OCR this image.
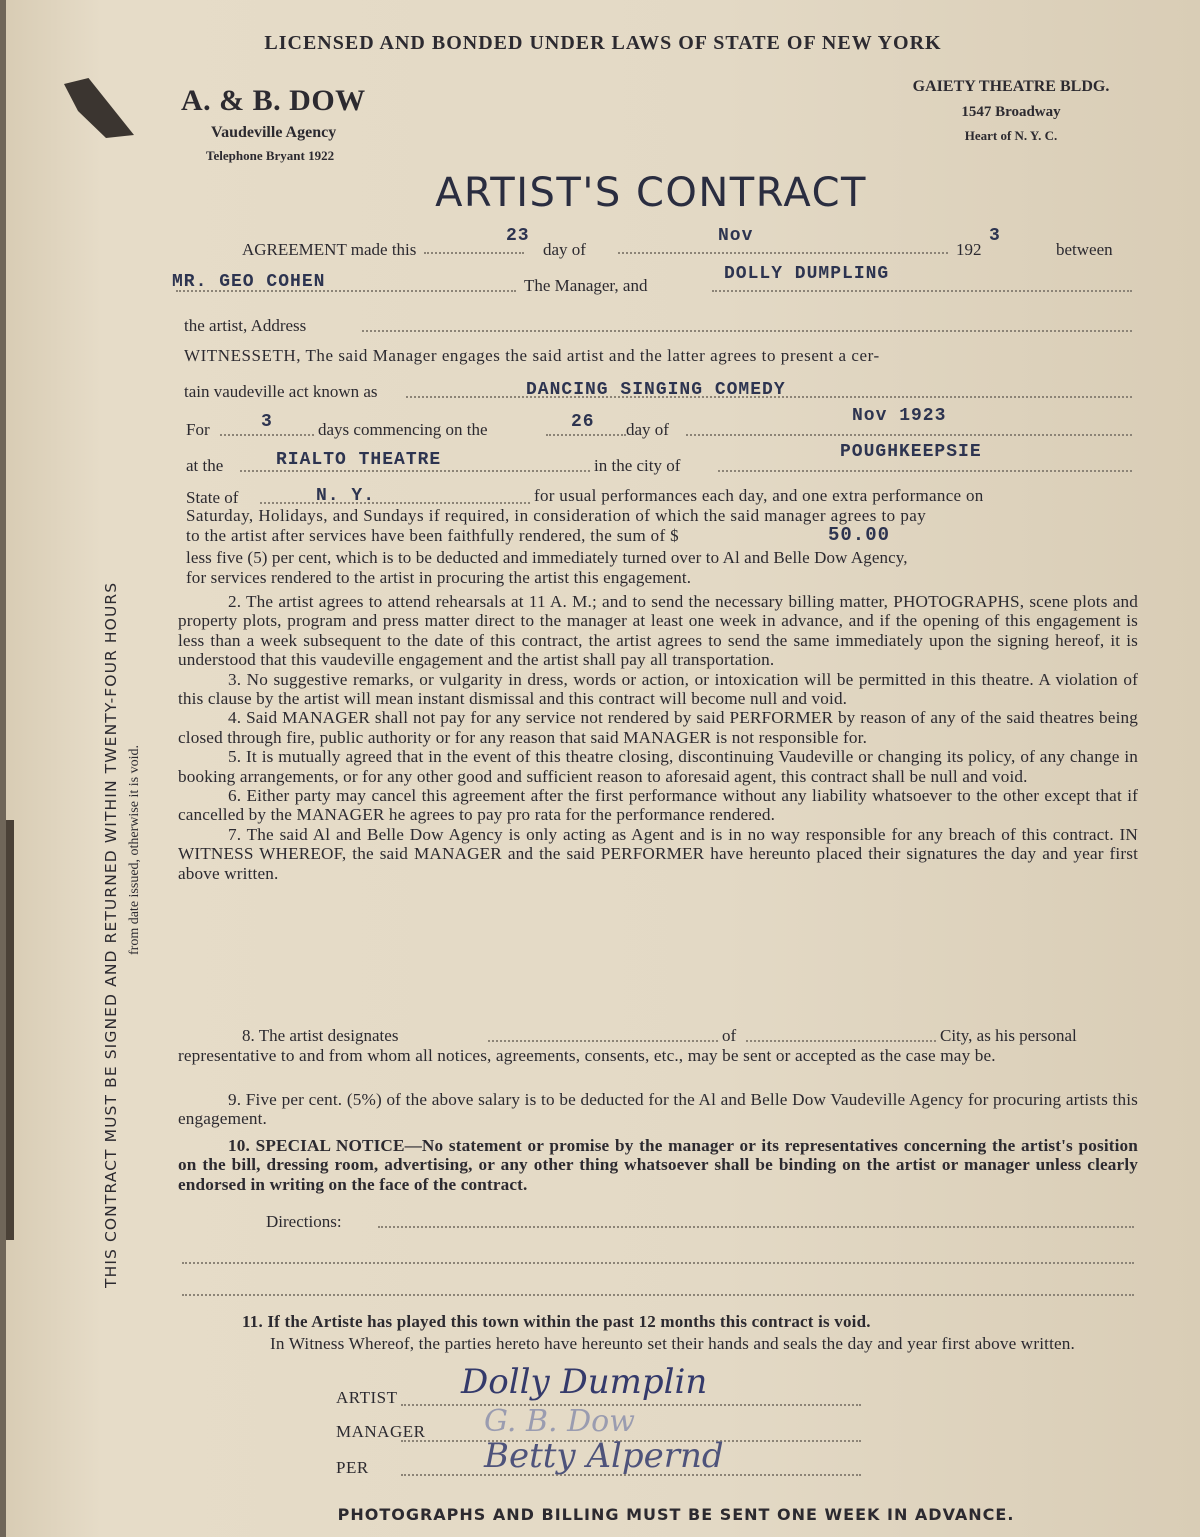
LICENSED AND BONDED UNDER LAWS OF STATE OF NEW YORK
A. & B. DOW
Vaudeville Agency
Telephone Bryant 1922
GAIETY THEATRE BLDG.
1547 Broadway
Heart of N. Y. C.
ARTIST'S CONTRACT
AGREEMENT made this
23
day of
Nov
192
3
between
MR. GEO COHEN	The Manager, and
DOLLY DUMPLING
the artist, Address
WITNESSETH, The said Manager engages the said artist and the latter agrees to present a cer-
tain vaudeville act known as	DANCING SINGING COMEDY
For	3	days commencing on the	26 day of
Nov 1923
at the	RIALTO THEATRE	in the city of
POUGHKEEPSIE
State of	N. Y.	for usual performances each day, and one extra performance on
Saturday, Holidays, and Sundays if required, in consideration of which the said manager agrees to pay
to the artist after services have been faithfully rendered, the sum of $	50.00
less five (5) per cent, which is to be deducted and immediately turned over to Al and Belle Dow Agency,
for services rendered to the artist in procuring the artist this engagement.

2. The artist agrees to attend rehearsals at 11 A. M.; and to send the necessary billing matter, PHOTOGRAPHS, scene plots and property plots, program and press matter direct to the manager at least one week in advance, and if the opening of this engagement is less than a week subsequent to the date of this contract, the artist agrees to send the same immediately upon the signing hereof, it is understood that this vaudeville engagement and the artist shall pay all transportation.

3. No suggestive remarks, or vulgarity in dress, words or action, or intoxication will be permitted in this theatre. A violation of this clause by the artist will mean instant dismissal and this contract will become null and void.

4. Said MANAGER shall not pay for any service not rendered by said PERFORMER by reason of any of the said theatres being closed through fire, public authority or for any reason that said MANAGER is not responsible for.

5. It is mutually agreed that in the event of this theatre closing, discontinuing Vaudeville or changing its policy, of any change in booking arrangements, or for any other good and sufficient reason to aforesaid agent, this contract shall be null and void.

6. Either party may cancel this agreement after the first performance without any liability whatsoever to the other except that if cancelled by the MANAGER he agrees to pay pro rata for the performance rendered.

7. The said Al and Belle Dow Agency is only acting as Agent and is in no way responsible for any breach of this contract. IN WITNESS WHEREOF, the said MANAGER and the said PERFORMER have hereunto placed their signatures the day and year first above written.

8. The artist designates	of	City, as his personal

representative to and from whom all notices, agreements, consents, etc., may be sent or accepted as the case may be.

9. Five per cent. (5%) of the above salary is to be deducted for the Al and Belle Dow Vaudeville Agency for procuring artists this engagement.

10. SPECIAL NOTICE—No statement or promise by the manager or its representatives concerning the artist's position on the bill, dressing room, advertising, or any other thing whatsoever shall be binding on the artist or manager unless clearly endorsed in writing on the face of the contract.

Directions:
11. If the Artiste has played this town within the past 12 months this contract is void.

In Witness Whereof, the parties hereto have hereunto set their hands and seals the day and year first above written.

ARTIST Dolly Dumplin
MANAGER G. B. Dow
PER	Betty Alpernd
PHOTOGRAPHS AND BILLING MUST BE SENT ONE WEEK IN ADVANCE.
THIS CONTRACT MUST BE SIGNED AND RETURNED WITHIN TWENTY-FOUR HOURS from date issued, otherwise it is void.
